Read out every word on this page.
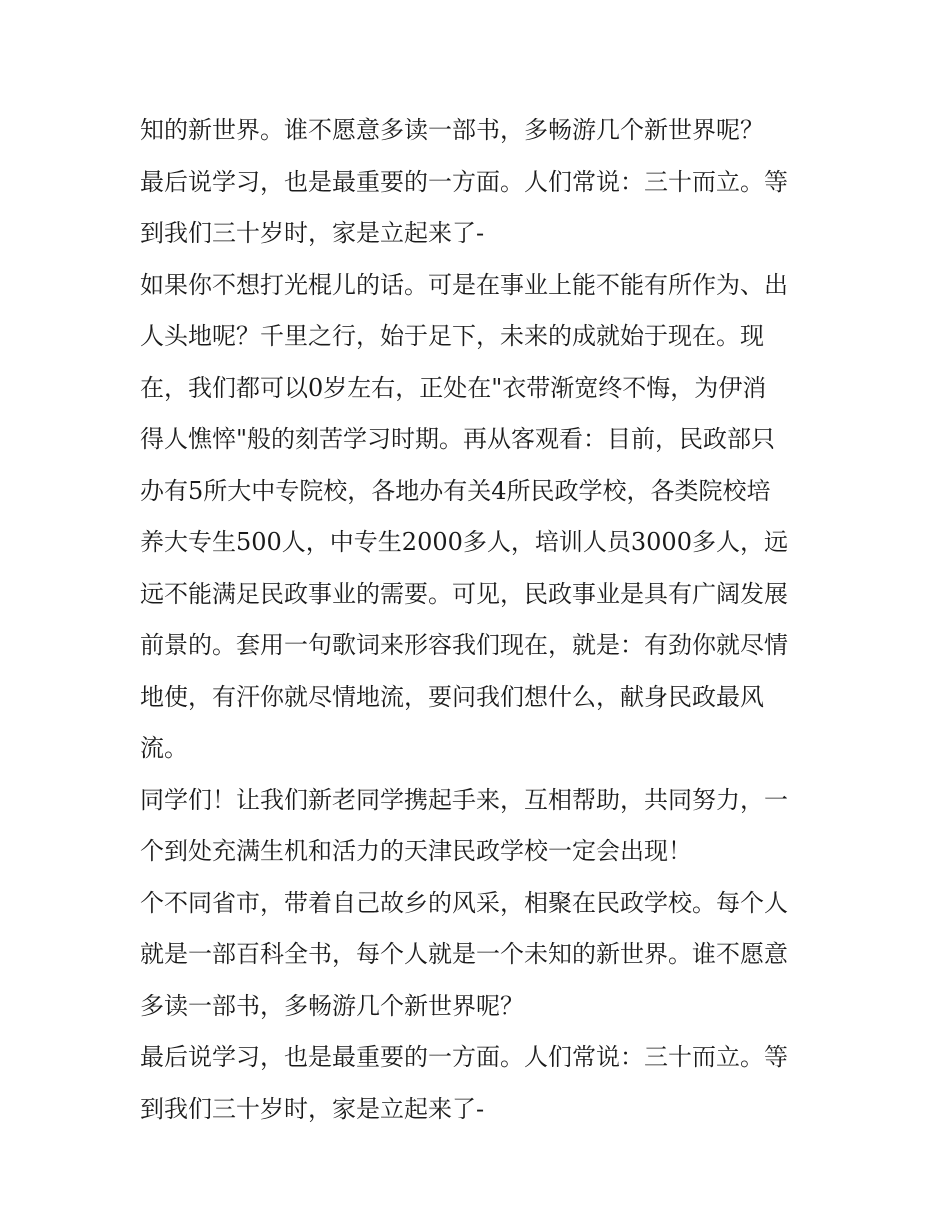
知的新世界。谁不愿意多读一部书，多畅游几个新世界呢？
最后说学习，也是最重要的一方面。人们常说：三十而立。等
到我们三十岁时，家是立起来了-
如果你不想打光棍儿的话。可是在事业上能不能有所作为、出
人头地呢？千里之行，始于足下，未来的成就始于现在。现
在，我们都可以0岁左右，正处在"衣带渐宽终不悔，为伊消
得人憔悴"般的刻苦学习时期。再从客观看：目前，民政部只
办有5所大中专院校，各地办有关4所民政学校，各类院校培
养大专生500人，中专生2000多人，培训人员3000多人，远
远不能满足民政事业的需要。可见，民政事业是具有广阔发展
前景的。套用一句歌词来形容我们现在，就是：有劲你就尽情
地使，有汗你就尽情地流，要问我们想什么，献身民政最风
流。
同学们！让我们新老同学携起手来，互相帮助，共同努力，一
个到处充满生机和活力的天津民政学校一定会出现！
个不同省市，带着自己故乡的风采，相聚在民政学校。每个人
就是一部百科全书，每个人就是一个未知的新世界。谁不愿意
多读一部书，多畅游几个新世界呢？
最后说学习，也是最重要的一方面。人们常说：三十而立。等
到我们三十岁时，家是立起来了-
